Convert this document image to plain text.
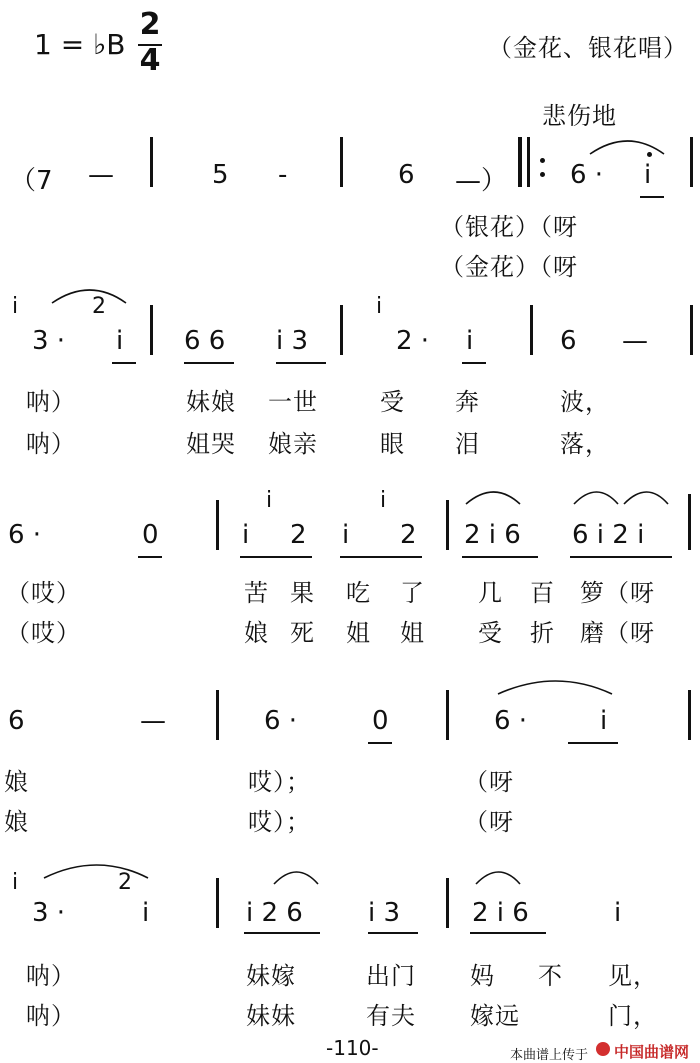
1 = ♭B
2
4	（金花、银花唱）
悲伤地
（7 —	5 -	6 —） 6 · i
（银花）（呀
（金花）（呀
i	2
3 · i 6 6 i 3
i
2 · i	6 —
呐）	妹娘 一世	受 奔	波，
呐）	姐哭 娘亲	眼 泪	落，
6 ·	0
i
i 2
i
i 2 2 i 6 6 i 2 i
（哎）	苦 果 吃 了 几 百 箩（呀
（哎）	娘 死 姐 姐 受 折 磨（呀
6	—	6 ·	0	6 ·	i
娘	哎）；	（呀
娘	哎）；	（呀
i	2
3 ·	i	i 2 6	i 3	2 i 6	i
呐）	妹嫁	出门 妈 不 见，
呐）	妹妹	有夫 嫁远	门，
-110-	本曲谱上传于 中国曲谱网
